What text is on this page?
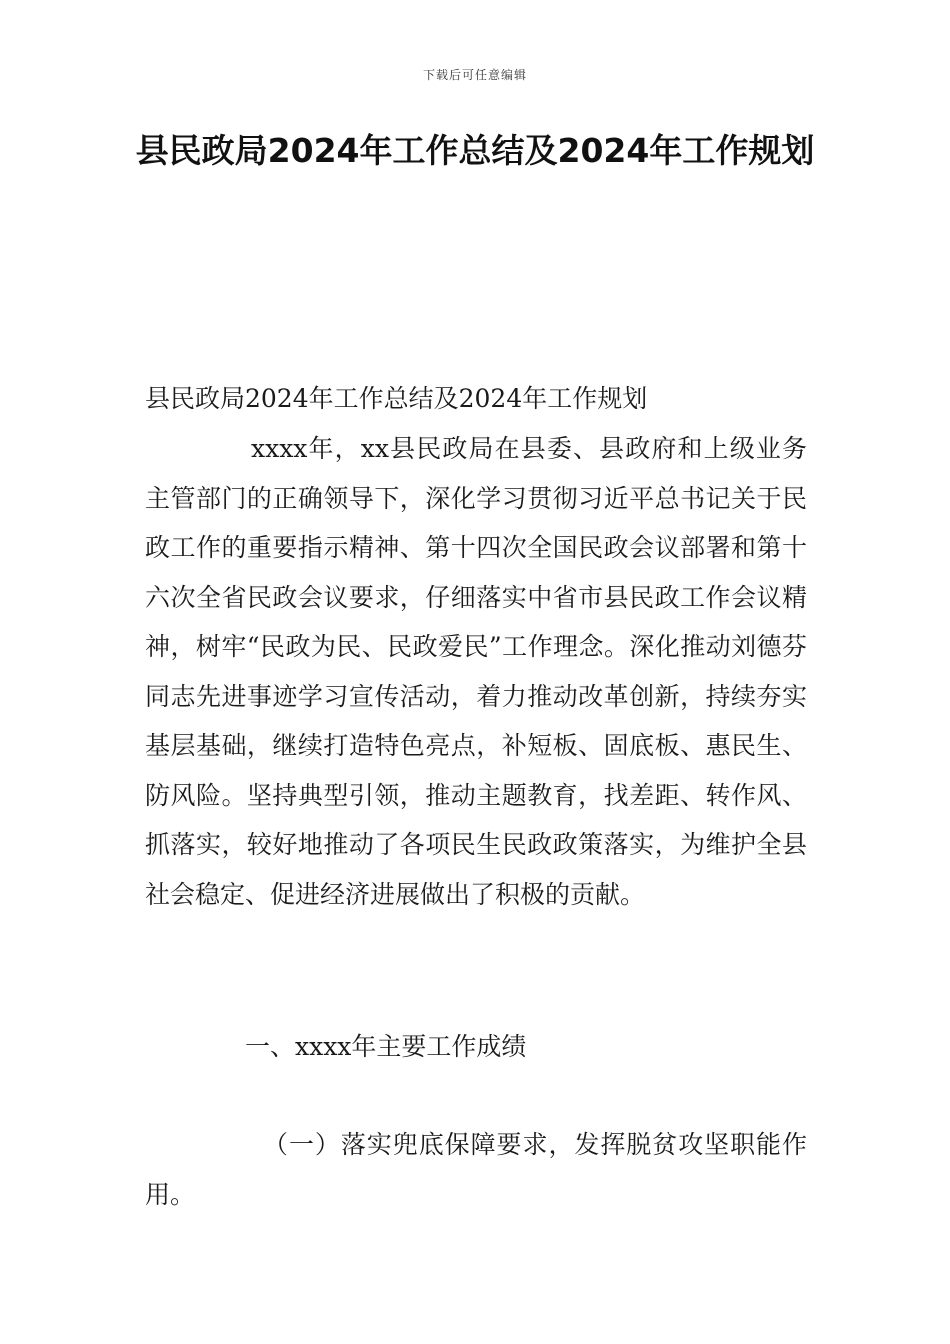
下载后可任意编辑
县民政局2024年工作总结及2024年工作规划

县民政局2024年工作总结及2024年工作规划

xxxx年，xx县民政局在县委、县政府和上级业务主管部门的正确领导下，深化学习贯彻习近平总书记关于民政工作的重要指示精神、第十四次全国民政会议部署和第十六次全省民政会议要求，仔细落实中省市县民政工作会议精神，树牢“民政为民、民政爱民”工作理念。深化推动刘德芬同志先进事迹学习宣传活动，着力推动改革创新，持续夯实基层基础，继续打造特色亮点，补短板、固底板、惠民生、防风险。坚持典型引领，推动主题教育，找差距、转作风、抓落实，较好地推动了各项民生民政政策落实，为维护全县社会稳定、促进经济进展做出了积极的贡献。

一、xxxx年主要工作成绩

（一）落实兜底保障要求，发挥脱贫攻坚职能作用。
